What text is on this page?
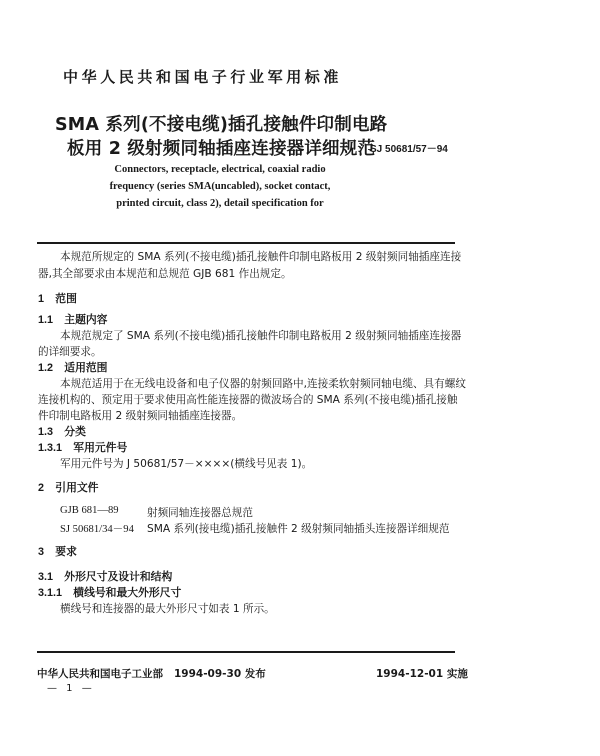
中华人民共和国电子行业军用标准
SMA 系列(不接电缆)插孔接触件印制电路
板用 2 级射频同轴插座连接器详细规范
SJ 50681/57－94
Connectors, receptacle, electrical, coaxial radio
frequency (series SMA(uncabled), socket contact,
printed circuit, class 2), detail specification for
本规范所规定的 SMA 系列(不接电缆)插孔接触件印制电路板用 2 级射频同轴插座连接
器,其全部要求由本规范和总规范 GJB 681 作出规定。
1 范围
1.1 主题内容
本规范规定了 SMA 系列(不接电缆)插孔接触件印制电路板用 2 级射频同轴插座连接器
的详细要求。
1.2 适用范围
本规范适用于在无线电设备和电子仪器的射频回路中,连接柔软射频同轴电缆、具有螺纹
连接机构的、预定用于要求使用高性能连接器的微波场合的 SMA 系列(不接电缆)插孔接触
件印制电路板用 2 级射频同轴插座连接器。
1.3 分类
1.3.1 军用元件号
军用元件号为 J 50681/57－××××(横线号见表 1)。
2 引用文件
GJB 681—89	射频同轴连接器总规范
SJ 50681/34－94 SMA 系列(接电缆)插孔接触件 2 级射频同轴插头连接器详细规范
3 要求
3.1 外形尺寸及设计和结构
3.1.1 横线号和最大外形尺寸
横线号和连接器的最大外形尺寸如表 1 所示。
中华人民共和国电子工业部 1994-09-30 发布	1994-12-01 实施
— 1 —
